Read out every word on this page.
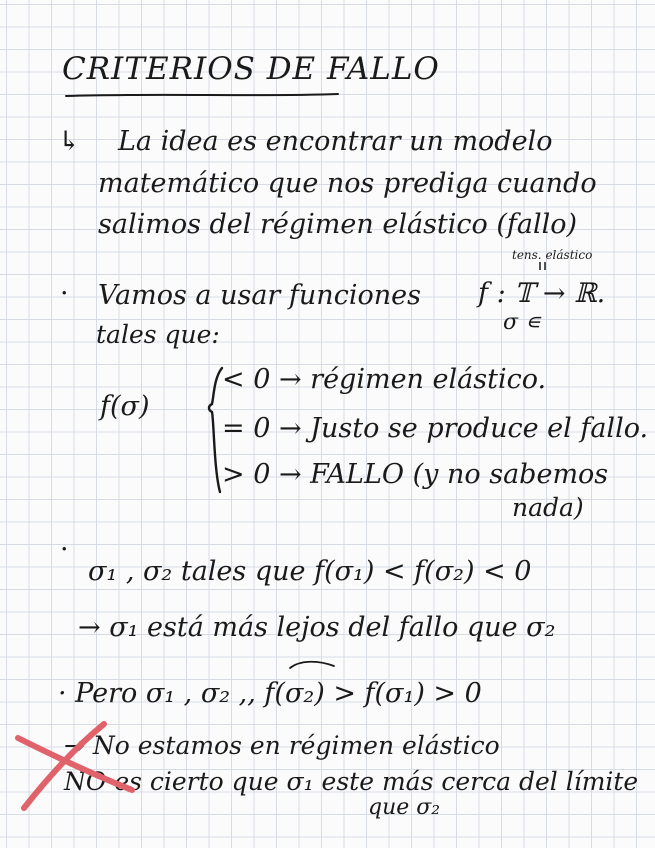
CRITERIOS DE FALLO
↳ La idea es encontrar un modelo
matemático que nos prediga cuando
salimos del régimen elástico (fallo)
tens. elástico
· Vamos a usar funciones f : 𝕋 → ℝ.
σ ∊
tales que:
f(σ)
< 0 → régimen elástico.
= 0 → Justo se produce el fallo.
> 0 → FALLO (y no sabemos
nada)
·
σ₁ , σ₂ tales que f(σ₁) < f(σ₂) < 0
→ σ₁ está más lejos del fallo que σ₂
· Pero σ₁ , σ₂ ,, f(σ₂) > f(σ₁) > 0
→ No estamos en régimen elástico
NO es cierto que σ₁ este más cerca del límite
que σ₂
